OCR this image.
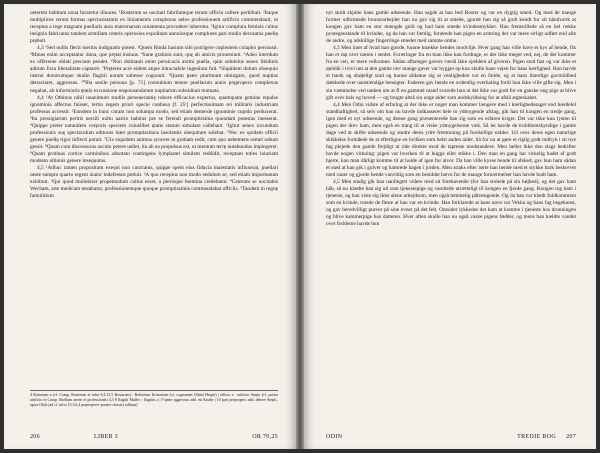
ueterem habitum noua furaretur illuuies. ¹Rosterum se uocitari fabrilumque rerum officio callere perhibuit. ²Itaque multiplices rerum formas speciosissimis ex liniamentis complexus aeleo professionem artificio commendauit, ut receptus a rege magnam puellaris auro matronarum ornamenta procudere iuberetur. ³Igitur complura feminis cultus insignia fabricatus tandem armillam ceteris operosius expolitam annulosque complures pari studio decusatos puellę prębuit.

4,3 ¹Sed nullis flecti meritis indignatio potest. ²Quem Rinda basium sibi porrigere cupientem colapho percussit. ³Minus enim acceptantur dona, que prętat insiuus. ⁴Sane gratiora sunt, quę ab amicis proueniunt. ⁵Adeo interdum ex offerente oblati precium pendet. ⁶Non dubitauit enim peruicacis animi puella, quin subdolus senex libidinis aditum ficta liberalitate captaret. ⁷Prętereа acre eidem atque intractabile ingenium fuit. ⁸Siquidem dolum obsequio instrui donorumque studio flagitii uotum subesse cognouit. ⁹Quam pater plurimum obiurgare, quod nuptias detractaret, aggressus. ¹⁰Illa senile persona [p. 71] connubium tenere puellarum annis prępropero complexus negabat, ab informioris ętatis excussione responsandarum nuptiarum subsidium mutuata.

4,4 ¹At Othinus nihil unanimum studiis perseuerantię robore efficacius expertus, quamquam gemine repulse ignominia affectus fuisset, tertio regem priori specie conhusa [f. 25ʳ] perfectissimam rei militaris industriam professus accessit. ²Eundem in hunc curam non solumpa modo, sed etiam demerde ignominie cupido perduxerat. ³Ita prestigiarum peritis uersili uultu uariro habitus pre se ferendi promptissima quondam potestas inesserat. ⁴Quippe preter naturalem corporis speciem cuiuslibet ętatis statum simulare callebant. ¹Igitur senex iocundum professionis suę spectaculum editurus inter promptissimos insolentis obequitare solebat. ⁶Nec eo quidem officii genere puellę rigor inflecti potuit. ⁷Uix siquidem animus syncere in gratiam redit, cum quo uehemens semel odium gessit. ⁸Quam cum discessurus osculo petere uellet, ita ab ea propulsus est, ut mentum terrę nutabundus impingeret. ⁹Quam protinus cortice carminibus adnotato contingens lymphanti similem reddidit, receptam toties iniuriam modesto ultionis genere insequutus.

4,5 ¹Adhuc tamen propositum exequi non cunctatus, quippe spem eius fiducia maiestatis influxerat, puellari ueste sumpta quarto regem uiator indefessus petiuit. ²A quo receptus non modo sedulum se, sed etiam importunum exhibuit. ³Qui quod muliebrier propemodum cultus esset, a plerisque foemina credebatur. ⁴Ceterum se uocitabis Wecham, arte medicam testabatur, professionemque quoque promptissimis commendabat officiis. ⁵Tandem in regnę famulitium

4 Rosterum a (cf. Comp. Rosterum et infra 9,4,12,5 Rostarum) : Roltertum Kristensen (cf. cognomen Othini Hropti) | officio a : artificio Steph. (cf. potius artificio et Comp. libellum artem et professionis) 4,3 8 flagitii Muller : flagitiis a | 9 pater aggressus add. est Knabe | 10 post prepropero add. debere Steph., aptos Olrik (ad cf. infra 13,3,6,4 prepropereт ponere classis) rolltum)

206	LIBER 3	OR 70,25

nyt skidt skjulte hans gamle udseende. Han sagde at han hed Roster og var en dygtig smed. Og med de mange former udformede bronzearbejder han nu gav sig til at smede, gjorde han sig så godt kendt for sit håndværk at kongen gav ham en stor mængde guld og bad ham smede kvindesmykker. Han fremstillede så en hel række pyntegenstande til kvinder, og da han var færdig, forærede han pigen en armring der var mere sirligt udført end alle de andre, og adskillige fingerringe smedet med samme omhu.

4,3 Men intet af hvad han gjorde, kunne knække hendes modvilje. Hver gang han ville have et kys af hende, fik han et rap over næsen i stedet. Foræringer fra en man ikke kan fordrage, er der ikke meget ved, nej, de der kommer fra en ven, er mere velkomne. Sådan afhænger gavers værdi ikke sjældent af giveren. Pigen stod fast og var ikke et øjeblik i tvivl om at den gamle ræv mange gaver var bygget op kun skulle bane vejen for hans kærlighed. Hun havde et barsk og ubøjeligt sind og kunne sådanne sig at venligheden var en fælde, og at hans iltærdige gavmildhed dækkede over uanstændige hensigter. Faderen gav hende en ordentlig overhaling fordi hun ikke ville gifte sig. Men i sin væmmelse ved tanken om at fl en gammel mand svarede hun at det ikke var godt for en ganske ung pige at blive gift over hals og hoved — og brugte altså sin unge alder som undskyldning for at afslå ægteskabet.

4,4 Men Odin vidste af erfaring at der ikke er noget man kommer længere med i kærlighedssager end hærdelel standhaftighed, så selv om han nu havde indkasseret hele to ydmygende afslag, gik han til kongen en tredje gang, igen med et nyt udseende, og denne gang præsenterede han sig som en erfaren kriger. Det var ikke kun lysten til pigen der drev ham, men også en trang til at viske ydmygelserne væk. Så let havde de trolddomskyndige i gamle dage ved at skifte udseende og ændre deres ydre fremtoning på forskellige måder. Ud over deres egen naturlige skikkelse formåede de at efterligne en hvilken som helst anden alder. Så for nu at gøre et rigtig godt indtryk i sit nye fag plejede den gamle frejdigt at ride direkte mod de tapreste modstandere. Men heller ikke den slags bedrifter havde nogen virkning: pigen var hverken til at hugge eller stikke i. Den man en gang har virkelig hadet af godt hjerte, kan man dårligt komme til at holde af igen for alvor. Da han ville kysse hende til afsked, gav hun ham sådan et stød at han gik i gulvet og hamrede hagen i jorden. Men straks efter rørte han hende med et stykke bark beskrevet med runer og gjorde hende vanvittig som en besiddet hævn for de mange fornærmelser han havde budt ham.

4,5 Men stadig gik han uanfægtet videre med sit forehavende (for han stolede på sin højhed), og det gav ham håb, så nu klædte han sig ud som tjenestepige og vandrede utrætteligt til kongen en fjerde gang. Kongen tog ham i tjeneste, og han viste sig ikke alene arbejdsom, men også temmelig påtrængende. Og da han var klædt fuldkomment som en kvinde, troede de fleste at han var en kvinde. Han forklarede at hans navn var Vekka og hans fag lægekunst, og gav beredvilligt prøver på sine evner på det felt. Omsider lykkedes det ham at komme i tjeneste hos dronningen og blive kammerpige hos datteren. Hver aften skulle han nu også vaske pigens fødder, og mens han hældte vandet over fodderne havde hun

ODIN	TREDJE BOG 207
